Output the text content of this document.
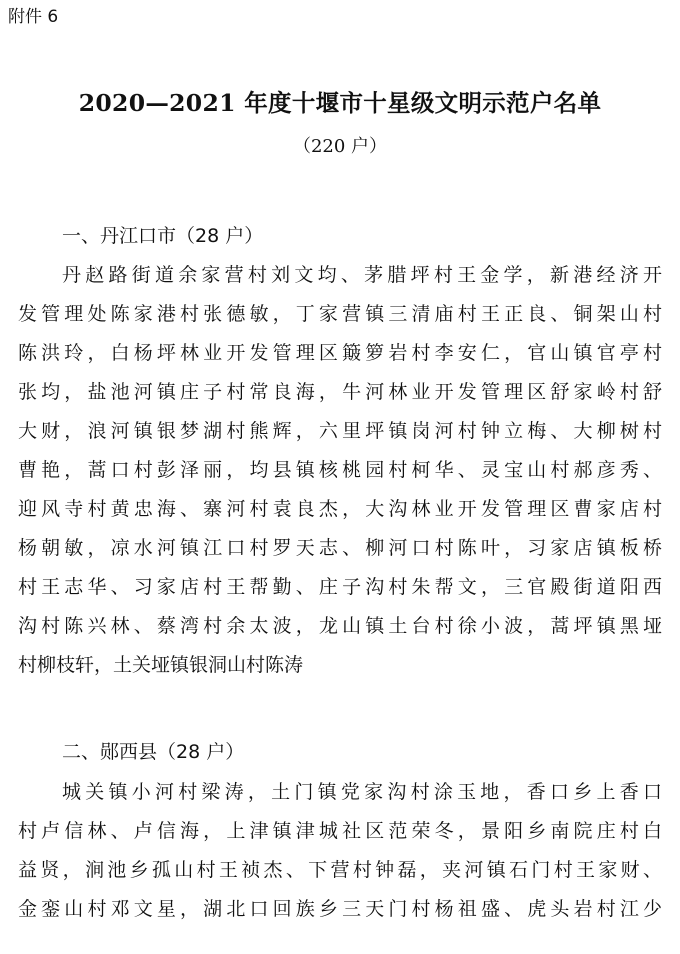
附件 6
2020—2021 年度十堰市十星级文明示范户名单
（220 户）
一、丹江口市（28 户）
丹赵路街道余家营村刘文均、茅腊坪村王金学，新港经济开
发管理处陈家港村张德敏，丁家营镇三清庙村王正良、铜架山村
陈洪玲，白杨坪林业开发管理区簸箩岩村李安仁，官山镇官亭村
张均，盐池河镇庄子村常良海，牛河林业开发管理区舒家岭村舒
大财，浪河镇银梦湖村熊辉，六里坪镇岗河村钟立梅、大柳树村
曹艳，蒿口村彭泽丽，均县镇核桃园村柯华、灵宝山村郝彦秀、
迎风寺村黄忠海、寨河村袁良杰，大沟林业开发管理区曹家店村
杨朝敏，凉水河镇江口村罗天志、柳河口村陈叶，习家店镇板桥
村王志华、习家店村王帮勤、庄子沟村朱帮文，三官殿街道阳西
沟村陈兴林、蔡湾村余太波，龙山镇土台村徐小波，蒿坪镇黑垭
村柳枝轩，土关垭镇银洞山村陈涛
二、郧西县（28 户）
城关镇小河村梁涛，土门镇党家沟村涂玉地，香口乡上香口
村卢信林、卢信海，上津镇津城社区范荣冬，景阳乡南院庄村白
益贤，涧池乡孤山村王祯杰、下营村钟磊，夹河镇石门村王家财、
金銮山村邓文星，湖北口回族乡三天门村杨祖盛、虎头岩村江少
